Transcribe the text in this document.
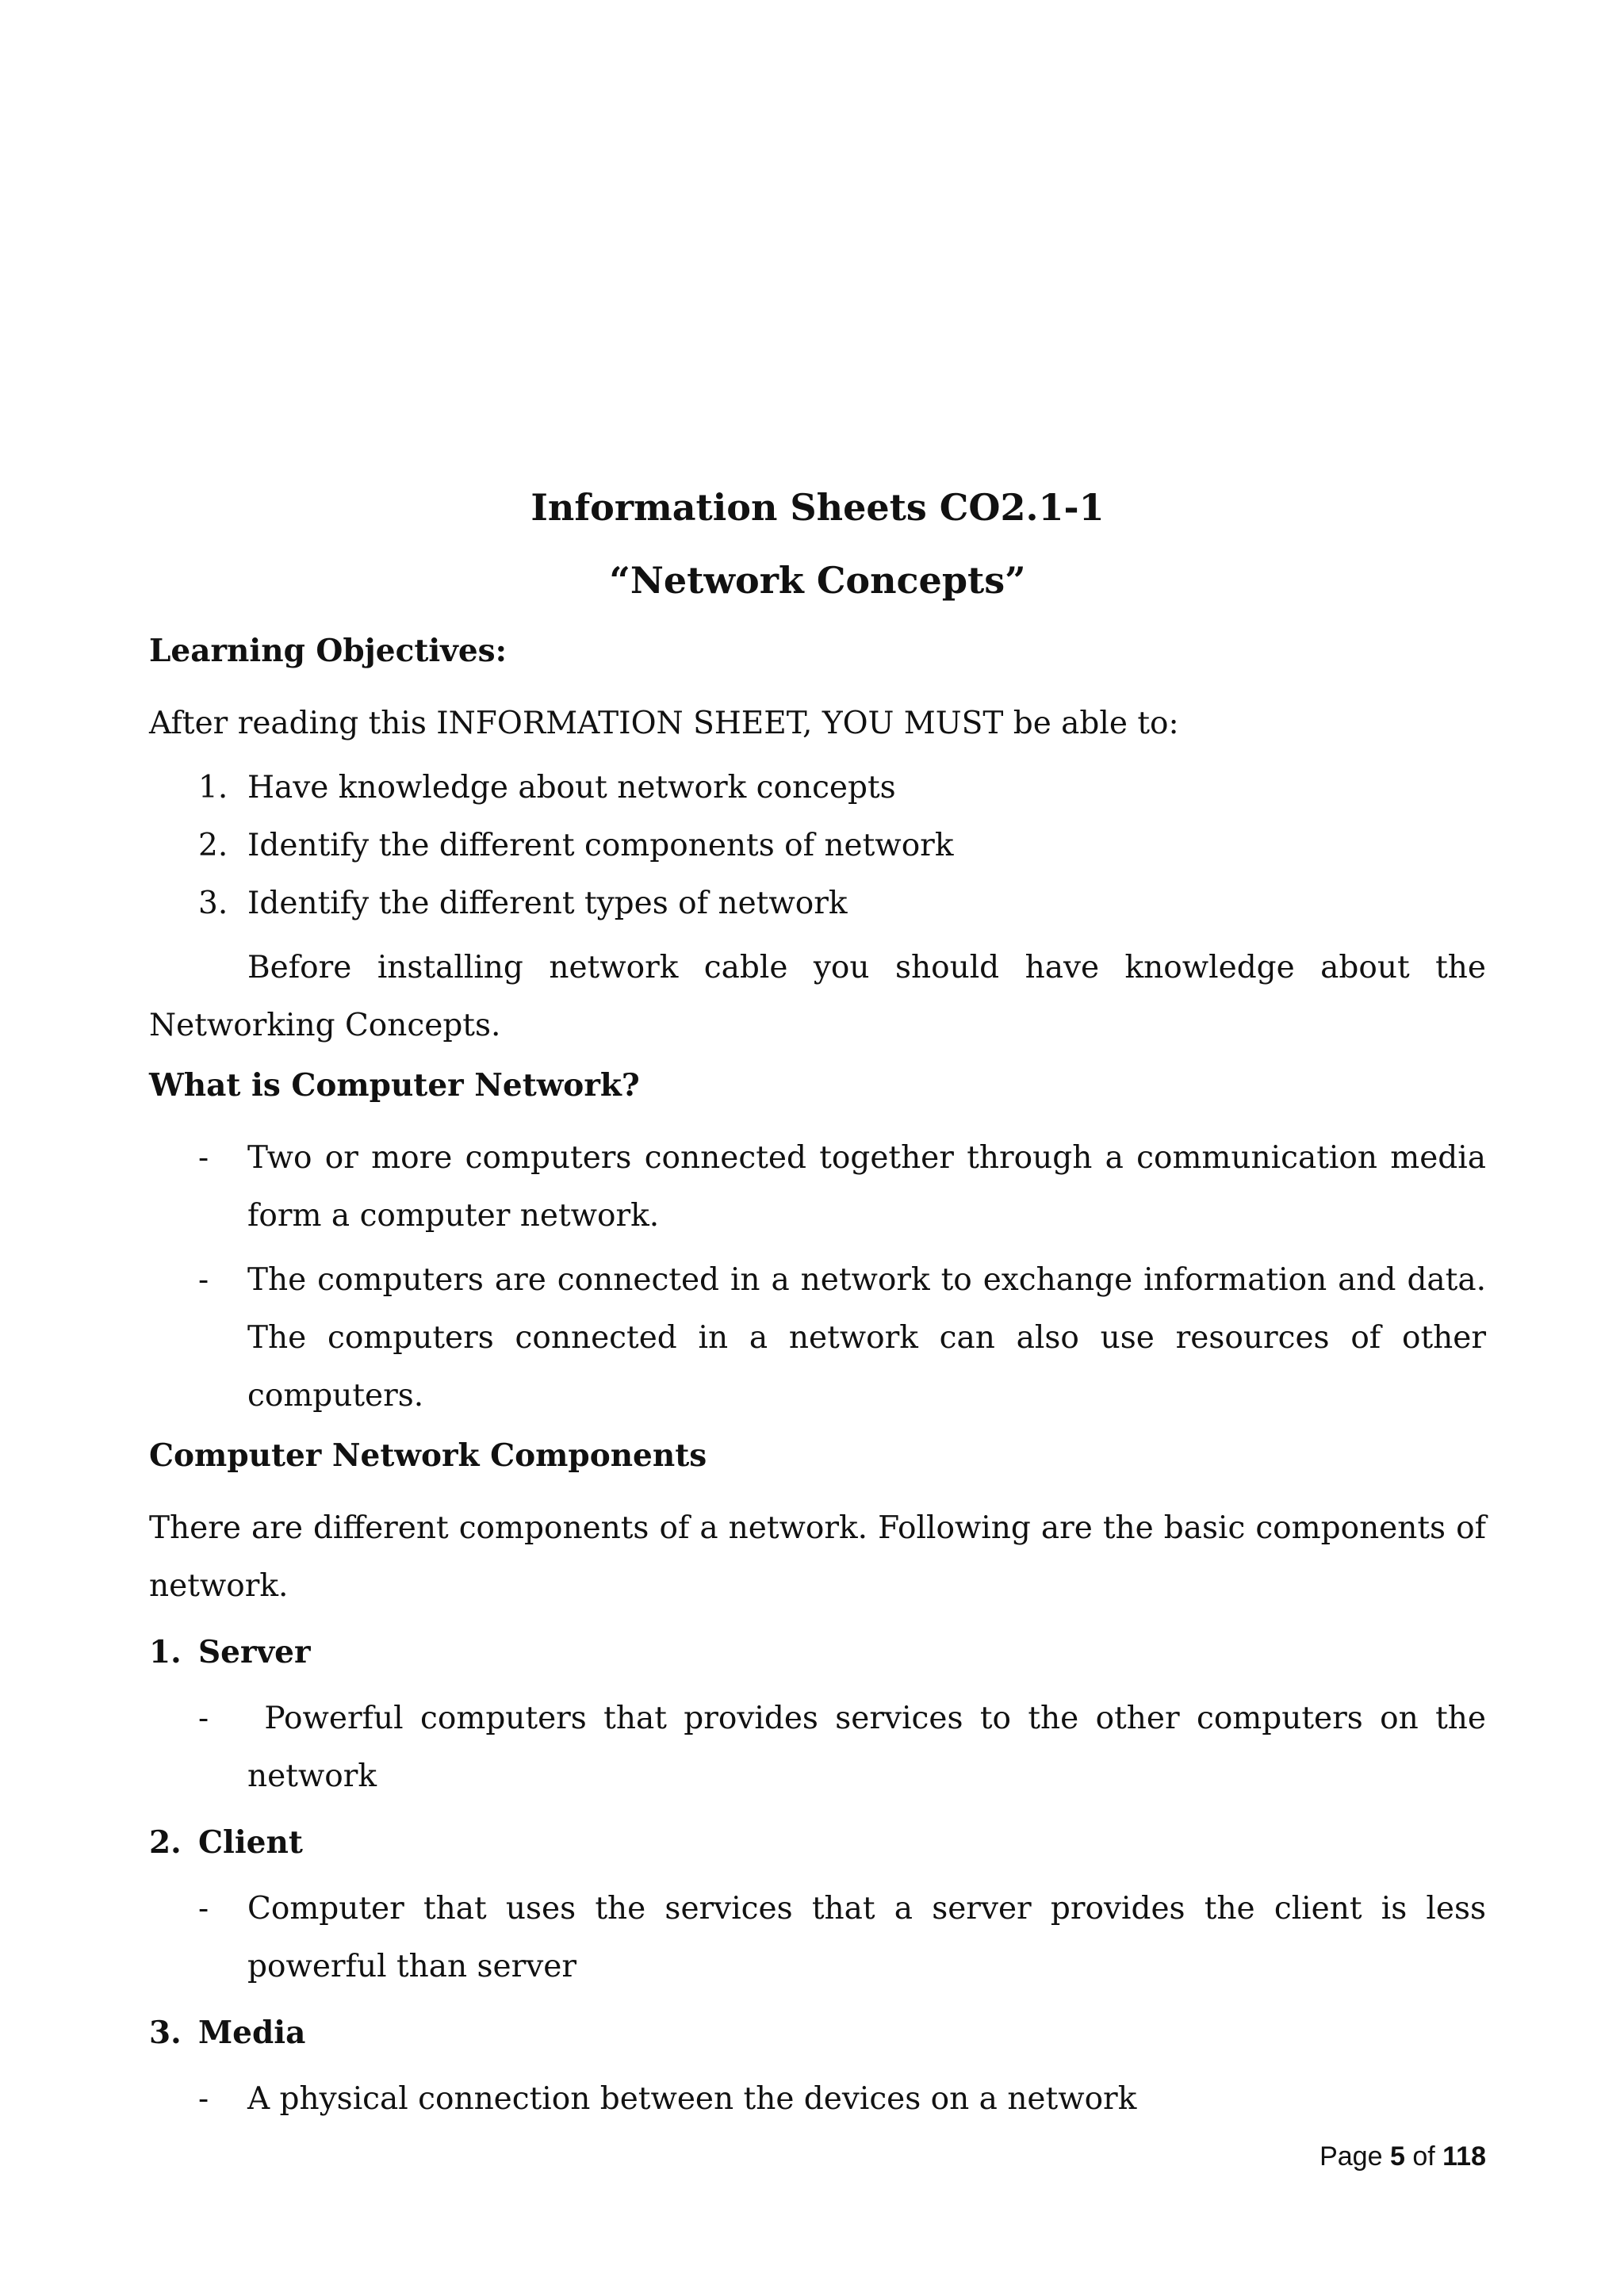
Information Sheets CO2.1-1
“Network Concepts”
Learning Objectives:
After reading this INFORMATION SHEET, YOU MUST be able to:
1. Have knowledge about network concepts
2. Identify the different components of network
3. Identify the different types of network
Before installing network cable you should have knowledge about the Networking Concepts.
What is Computer Network?
- Two or more computers connected together through a communication media form a computer network.
- The computers are connected in a network to exchange information and data. The computers connected in a network can also use resources of other computers.
Computer Network Components
There are different components of a network. Following are the basic components of network.
1. Server
- Powerful computers that provides services to the other computers on the network
2. Client
- Computer that uses the services that a server provides the client is less powerful than server
3. Media
- A physical connection between the devices on a network
Page 5 of 118
